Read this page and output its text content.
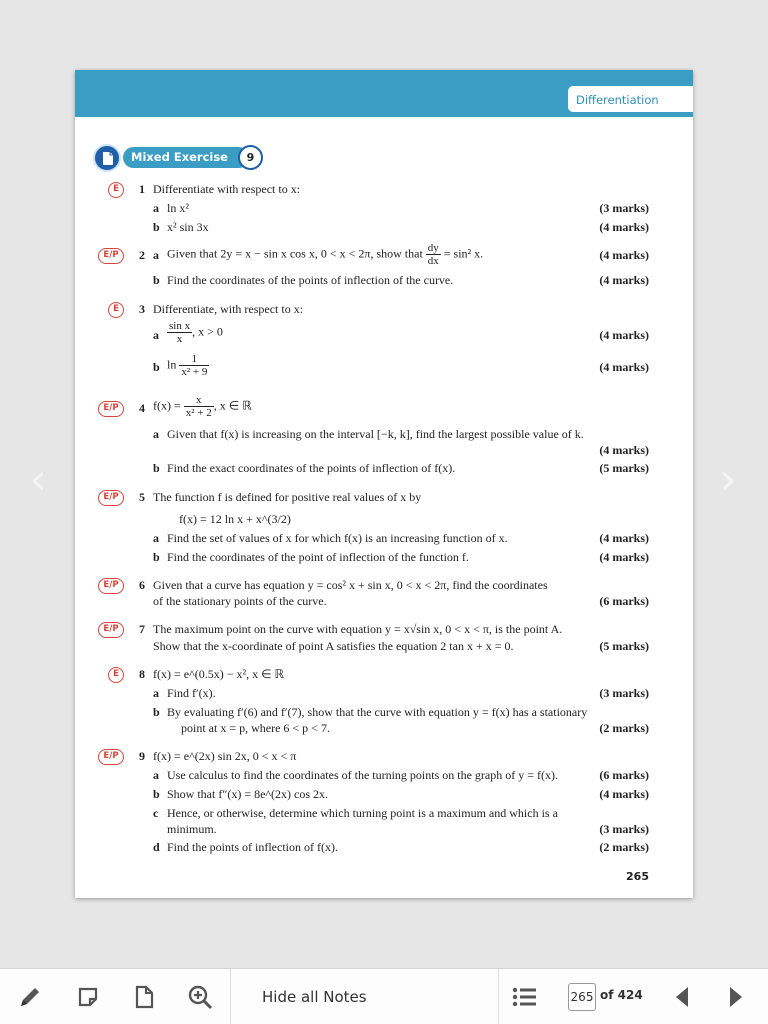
‹	›
Differentiation
Mixed Exercise	9
E	1 Differentiate with respect to x:
a ln x²	(3 marks)
b x² sin 3x	(4 marks)
E/P	2 a Given that 2y = x − sin x cos x, 0 < x < 2π, show that $\frac{dy}{dx} = \sin^2$ x.	(4 marks)
b Find the coordinates of the points of inflection of the curve.	(4 marks)
E	3 Differentiate, with respect to x:
a $\frac{\text{sin x}}{x}$ , x > 0	(4 marks)
b $\ln \frac{1}{\text{x² + 9}}$	(4 marks)
E/P	4 $f(x) = \frac{x}{\text{x² + 2}}$ , x ∈ ℝ
a Given that f(x) is increasing on the interval [−k, k], find the largest possible value of k.
(4 marks)
b Find the exact coordinates of the points of inflection of f(x).	(5 marks)
E/P	5 The function f is defined for positive real values of x by
f(x) = 12 ln x + x^(3/2)
a Find the set of values of x for which f(x) is an increasing function of x.	(4 marks)
b Find the coordinates of the point of inflection of the function f.	(4 marks)
E/P	6 Given that a curve has equation y = cos² x + sin x, 0 < x < 2π, find the coordinates
of the stationary points of the curve.	(6 marks)
E/P	7 The maximum point on the curve with equation y = x√sin x, 0 < x < π, is the point A.
Show that the x-coordinate of point A satisfies the equation 2 tan x + x = 0.	(5 marks)
E	8 f(x) = e^(0.5x) − x², x ∈ ℝ
a Find f′(x).	(3 marks)
b By evaluating f′(6) and f′(7), show that the curve with equation y = f(x) has a stationary
point at x = p, where 6 < p < 7.	(2 marks)
E/P	9 f(x) = e^(2x) sin 2x, 0 < x < π
a Use calculus to find the coordinates of the turning points on the graph of y = f(x).	(6 marks)
b Show that f″(x) = 8e^(2x) cos 2x.	(4 marks)
c Hence, or otherwise, determine which turning point is a maximum and which is a
minimum.	(3 marks)
d Find the points of inflection of f(x).	(2 marks)
265
Hide all Notes	265 of 424
